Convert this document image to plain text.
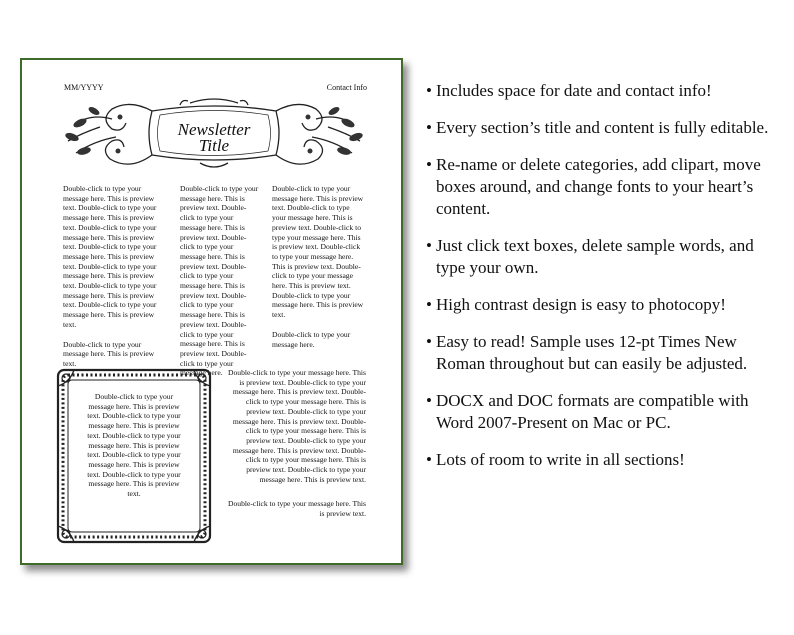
MM/YYYY	Contact Info
Newsletter
Title

Double-click to type your message here. This is preview text. Double-click to type your message here. This is preview text. Double-click to type your message here. This is preview text. Double-click to type your message here. This is preview text. Double-click to type your message here. This is preview text. Double-click to type your message here. This is preview text. Double-click to type your message here. This is preview text.

Double-click to type your message here. This is preview text.

Double-click to type your message here. This is preview text. Double-click to type your message here. This is preview text. Double-click to type your message here. This is preview text. Double-click to type your message here. This is preview text. Double-click to type your message here. This is preview text. Double-click to type your message here. This is preview text. Double-click to type your message here.

Double-click to type your message here. This is preview text. Double-click to type your message here. This is preview text. Double-click to type your message here. This is preview text. Double-click to type your message here. This is preview text. Double-click to type your message here. This is preview text. Double-click to type your message here. This is preview text.

Double-click to type your message here.

Double-click to type your message here. This is preview text. Double-click to type your message here. This is preview text. Double-click to type your message here. This is preview text. Double-click to type your message here. This is preview text. Double-click to type your message here. This is preview text.

Double-click to type your message here. This is preview text. Double-click to type your message here. This is preview text. Double-click to type your message here. This is preview text. Double-click to type your message here. This is preview text. Double-click to type your message here. This is preview text. Double-click to type your message here. This is preview text. Double-click to type your message here. This is preview text. Double-click to type your message here. This is preview text.

Double-click to type your message here. This is preview text.

• Includes space for date and contact info!
• Every section’s title and content is fully editable.
• Re-name or delete categories, add clipart, move boxes around, and change fonts to your heart’s content.
• Just click text boxes, delete sample words, and type your own.
• High contrast design is easy to photocopy!
• Easy to read! Sample uses 12-pt Times New Roman throughout but can easily be adjusted.
• DOCX and DOC formats are compatible with Word 2007-Present on Mac or PC.
• Lots of room to write in all sections!
